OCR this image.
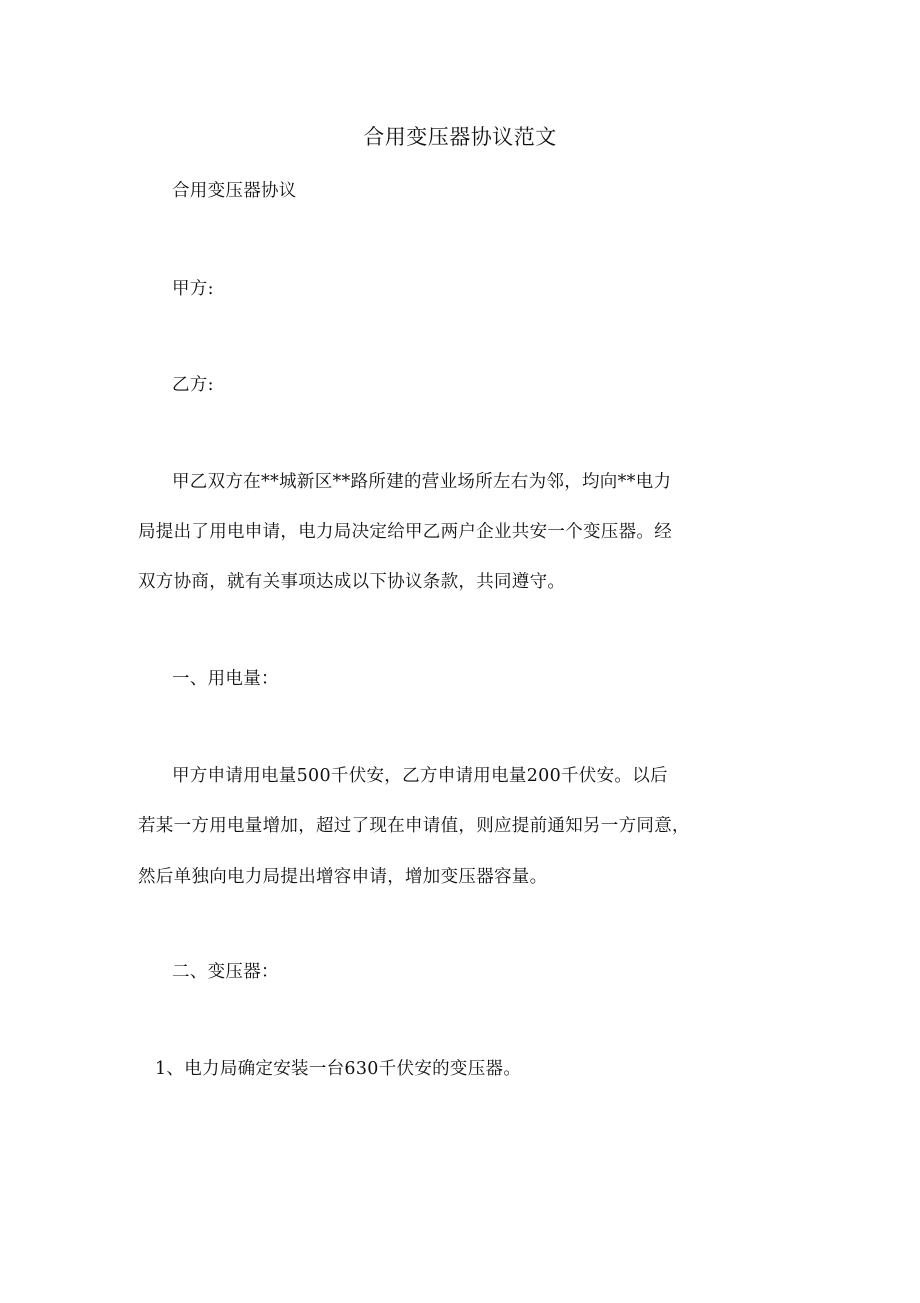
合用变压器协议范文
合用变压器协议
甲方:
乙方:
甲乙双方在**城新区**路所建的营业场所左右为邻，均向**电力
局提出了用电申请，电力局决定给甲乙两户企业共安一个变压器。经
双方协商，就有关事项达成以下协议条款，共同遵守。
一、用电量：
甲方申请用电量500千伏安，乙方申请用电量200千伏安。以后
若某一方用电量增加，超过了现在申请值，则应提前通知另一方同意，
然后单独向电力局提出增容申请，增加变压器容量。
二、变压器：
1、电力局确定安装一台630千伏安的变压器。
